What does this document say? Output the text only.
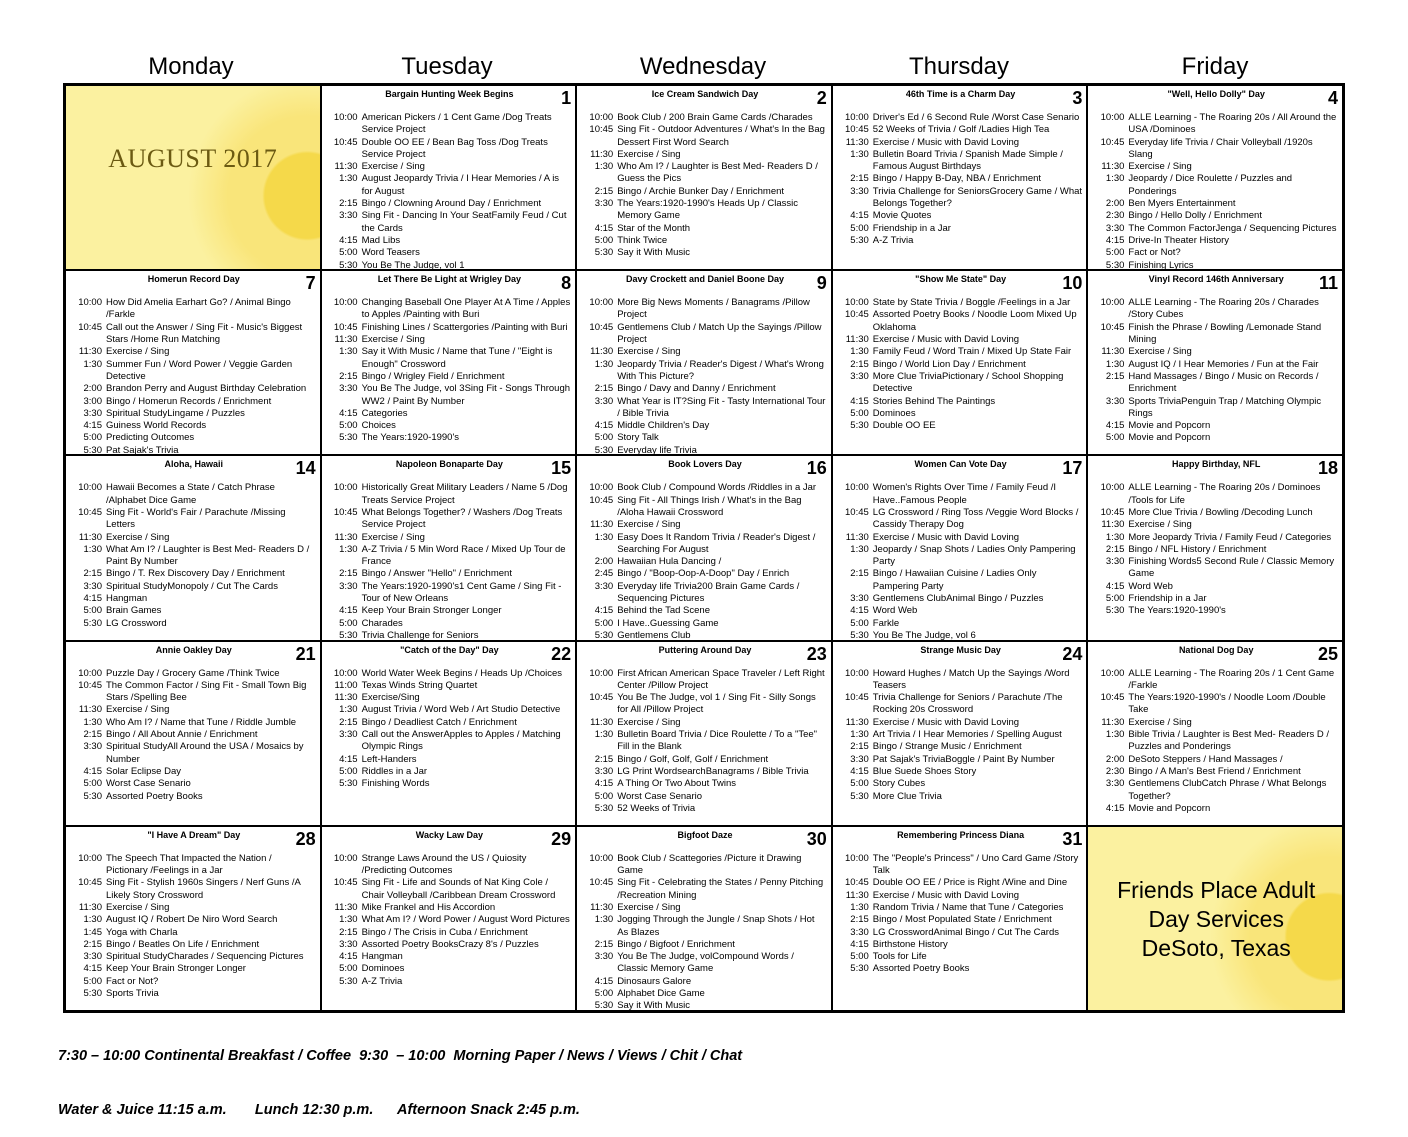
Monday	Tuesday	Wednesday	Thursday	Friday
AUGUST 2017
Bargain Hunting Week Begins	1
10:00 American Pickers / 1 Cent Game /Dog Treats Service Project
10:45 Double OO EE / Bean Bag Toss /Dog Treats Service Project
11:30 Exercise / Sing
1:30 August Jeopardy Trivia / I Hear Memories / A is for August
2:15 Bingo / Clowning Around Day / Enrichment
3:30 Sing Fit - Dancing In Your SeatFamily Feud / Cut the Cards
4:15 Mad Libs
5:00 Word Teasers
5:30 You Be The Judge, vol 1
Ice Cream Sandwich Day	2
10:00 Book Club / 200 Brain Game Cards /Charades
10:45 Sing Fit - Outdoor Adventures / What's In the Bag Dessert First Word Search
11:30 Exercise / Sing
1:30 Who Am I? / Laughter is Best Med- Readers D / Guess the Pics
2:15 Bingo / Archie Bunker Day / Enrichment
3:30 The Years:1920-1990's Heads Up / Classic Memory Game
4:15 Star of the Month
5:00 Think Twice
5:30 Say it With Music
46th Time is a Charm Day	3
10:00 Driver's Ed / 6 Second Rule /Worst Case Senario
10:45 52 Weeks of Trivia / Golf /Ladies High Tea
11:30 Exercise / Music with David Loving
1:30 Bulletin Board Trivia / Spanish Made Simple / Famous August Birthdays
2:15 Bingo / Happy B-Day, NBA / Enrichment
3:30 Trivia Challenge for SeniorsGrocery Game / What Belongs Together?
4:15 Movie Quotes
5:00 Friendship in a Jar
5:30 A-Z Trivia
"Well, Hello Dolly" Day	4
10:00 ALLE Learning - The Roaring 20s / All Around the USA /Dominoes
10:45 Everyday life Trivia / Chair Volleyball /1920s Slang
11:30 Exercise / Sing
1:30 Jeopardy / Dice Roulette / Puzzles and Ponderings
2:00 Ben Myers Entertainment
2:30 Bingo / Hello Dolly / Enrichment
3:30 The Common FactorJenga / Sequencing Pictures
4:15 Drive-In Theater History
5:00 Fact or Not?
5:30 Finishing Lyrics
Homerun Record Day	7
10:00 How Did Amelia Earhart Go? / Animal Bingo /Farkle
10:45 Call out the Answer / Sing Fit - Music's Biggest Stars /Home Run Matching
11:30 Exercise / Sing
1:30 Summer Fun / Word Power / Veggie Garden Detective
2:00 Brandon Perry and August Birthday Celebration
3:00 Bingo / Homerun Records / Enrichment
3:30 Spiritual StudyLingame / Puzzles
4:15 Guiness World Records
5:00 Predicting Outcomes
5:30 Pat Sajak's Trivia
Let There Be Light at Wrigley Day	8
10:00 Changing Baseball One Player At A Time / Apples to Apples /Painting with Buri
10:45 Finishing Lines / Scattergories /Painting with Buri
11:30 Exercise / Sing
1:30 Say it With Music / Name that Tune / "Eight is Enough" Crossword
2:15 Bingo / Wrigley Field / Enrichment
3:30 You Be The Judge, vol 3Sing Fit - Songs Through WW2 / Paint By Number
4:15 Categories
5:00 Choices
5:30 The Years:1920-1990's
Davy Crockett and Daniel Boone Day	9
10:00 More Big News Moments / Banagrams /Pillow Project
10:45 Gentlemens Club / Match Up the Sayings /Pillow Project
11:30 Exercise / Sing
1:30 Jeopardy Trivia / Reader's Digest / What's Wrong With This Picture?
2:15 Bingo / Davy and Danny / Enrichment
3:30 What Year is IT?Sing Fit - Tasty International Tour / Bible Trivia
4:15 Middle Children's Day
5:00 Story Talk
5:30 Everyday life Trivia
"Show Me State" Day	10
10:00 State by State Trivia / Boggle /Feelings in a Jar
10:45 Assorted Poetry Books / Noodle Loom Mixed Up Oklahoma
11:30 Exercise / Music with David Loving
1:30 Family Feud / Word Train / Mixed Up State Fair
2:15 Bingo / World Lion Day / Enrichment
3:30 More Clue TriviaPictionary / School Shopping Detective
4:15 Stories Behind The Paintings
5:00 Dominoes
5:30 Double OO EE
Vinyl Record 146th Anniversary	11
10:00 ALLE Learning - The Roaring 20s / Charades /Story Cubes
10:45 Finish the Phrase / Bowling /Lemonade Stand Mining
11:30 Exercise / Sing
1:30 August IQ / I Hear Memories / Fun at the Fair
2:15 Hand Massages / Bingo / Music on Records / Enrichment
3:30 Sports TriviaPenguin Trap / Matching Olympic Rings
4:15 Movie and Popcorn
5:00 Movie and Popcorn
Aloha, Hawaii	14
10:00 Hawaii Becomes a State / Catch Phrase /Alphabet Dice Game
10:45 Sing Fit - World's Fair / Parachute /Missing Letters
11:30 Exercise / Sing
1:30 What Am I? / Laughter is Best Med- Readers D / Paint By Number
2:15 Bingo / T. Rex Discovery Day / Enrichment
3:30 Spiritual StudyMonopoly / Cut The Cards
4:15 Hangman
5:00 Brain Games
5:30 LG Crossword
Napoleon Bonaparte Day	15
10:00 Historically Great Military Leaders / Name 5 /Dog Treats Service Project
10:45 What Belongs Together? / Washers /Dog Treats Service Project
11:30 Exercise / Sing
1:30 A-Z Trivia / 5 Min Word Race / Mixed Up Tour de France
2:15 Bingo / Answer "Hello" / Enrichment
3:30 The Years:1920-1990's1 Cent Game / Sing Fit - Tour of New Orleans
4:15 Keep Your Brain Stronger Longer
5:00 Charades
5:30 Trivia Challenge for Seniors
Book Lovers Day	16
10:00 Book Club / Compound Words /Riddles in a Jar
10:45 Sing Fit - All Things Irish / What's in the Bag /Aloha Hawaii Crossword
11:30 Exercise / Sing
1:30 Easy Does It Random Trivia / Reader's Digest / Searching For August
2:00 Hawaiian Hula Dancing /
2:45 Bingo / "Boop-Oop-A-Doop" Day / Enrich
3:30 Everyday life Trivia200 Brain Game Cards / Sequencing Pictures
4:15 Behind the Tad Scene
5:00 I Have..Guessing Game
5:30 Gentlemens Club
Women Can Vote Day	17
10:00 Women's Rights Over Time / Family Feud /I Have..Famous People
10:45 LG Crossword / Ring Toss /Veggie Word Blocks / Cassidy Therapy Dog
11:30 Exercise / Music with David Loving
1:30 Jeopardy / Snap Shots / Ladies Only Pampering Party
2:15 Bingo / Hawaiian Cuisine / Ladies Only Pampering Party
3:30 Gentlemens ClubAnimal Bingo / Puzzles
4:15 Word Web
5:00 Farkle
5:30 You Be The Judge, vol 6
Happy Birthday, NFL	18
10:00 ALLE Learning - The Roaring 20s / Dominoes /Tools for Life
10:45 More Clue Trivia / Bowling /Decoding Lunch
11:30 Exercise / Sing
1:30 More Jeopardy Trivia / Family Feud / Categories
2:15 Bingo / NFL History / Enrichment
3:30 Finishing Words5 Second Rule / Classic Memory Game
4:15 Word Web
5:00 Friendship in a Jar
5:30 The Years:1920-1990's
Annie Oakley Day	21
10:00 Puzzle Day / Grocery Game /Think Twice
10:45 The Common Factor / Sing Fit - Small Town Big Stars /Spelling Bee
11:30 Exercise / Sing
1:30 Who Am I? / Name that Tune / Riddle Jumble
2:15 Bingo / All About Annie / Enrichment
3:30 Spiritual StudyAll Around the USA / Mosaics by Number
4:15 Solar Eclipse Day
5:00 Worst Case Senario
5:30 Assorted Poetry Books
"Catch of the Day" Day	22
10:00 World Water Week Begins / Heads Up /Choices
11:00 Texas Winds String Quartet
11:30 Exercise/Sing
1:30 August Trivia / Word Web / Art Studio Detective
2:15 Bingo / Deadliest Catch / Enrichment
3:30 Call out the AnswerApples to Apples / Matching Olympic Rings
4:15 Left-Handers
5:00 Riddles in a Jar
5:30 Finishing Words
Puttering Around Day	23
10:00 First African American Space Traveler / Left Right Center /Pillow Project
10:45 You Be The Judge, vol 1 / Sing Fit - Silly Songs for All /Pillow Project
11:30 Exercise / Sing
1:30 Bulletin Board Trivia / Dice Roulette / To a "Tee" Fill in the Blank
2:15 Bingo / Golf, Golf, Golf / Enrichment
3:30 LG Print WordsearchBanagrams / Bible Trivia
4:15 A Thing Or Two About Twins
5:00 Worst Case Senario
5:30 52 Weeks of Trivia
Strange Music Day	24
10:00 Howard Hughes / Match Up the Sayings /Word Teasers
10:45 Trivia Challenge for Seniors / Parachute /The Rocking 20s Crossword
11:30 Exercise / Music with David Loving
1:30 Art Trivia / I Hear Memories / Spelling August
2:15 Bingo / Strange Music / Enrichment
3:30 Pat Sajak's TriviaBoggle / Paint By Number
4:15 Blue Suede Shoes Story
5:00 Story Cubes
5:30 More Clue Trivia
National Dog Day	25
10:00 ALLE Learning - The Roaring 20s / 1 Cent Game /Farkle
10:45 The Years:1920-1990's / Noodle Loom /Double Take
11:30 Exercise / Sing
1:30 Bible Trivia / Laughter is Best Med- Readers D / Puzzles and Ponderings
2:00 DeSoto Steppers / Hand Massages /
2:30 Bingo / A Man's Best Friend / Enrichment
3:30 Gentlemens ClubCatch Phrase / What Belongs Together?
4:15 Movie and Popcorn
"I Have A Dream" Day	28
10:00 The Speech That Impacted the Nation / Pictionary /Feelings in a Jar
10:45 Sing Fit - Stylish 1960s Singers / Nerf Guns /A Likely Story Crossword
11:30 Exercise / Sing
1:30 August IQ / Robert De Niro Word Search
1:45 Yoga with Charla
2:15 Bingo / Beatles On Life / Enrichment
3:30 Spiritual StudyCharades / Sequencing Pictures
4:15 Keep Your Brain Stronger Longer
5:00 Fact or Not?
5:30 Sports Trivia
Wacky Law Day	29
10:00 Strange Laws Around the US / Quiosity /Predicting Outcomes
10:45 Sing Fit - Life and Sounds of Nat King Cole / Chair Volleyball /Caribbean Dream Crossword
11:30 Mike Frankel and His Accordion
1:30 What Am I? / Word Power / August Word Pictures
2:15 Bingo / The Crisis in Cuba / Enrichment
3:30 Assorted Poetry BooksCrazy 8's / Puzzles
4:15 Hangman
5:00 Dominoes
5:30 A-Z Trivia
Bigfoot Daze	30
10:00 Book Club / Scattegories /Picture it Drawing Game
10:45 Sing Fit - Celebrating the States / Penny Pitching /Recreation Mining
11:30 Exercise / Sing
1:30 Jogging Through the Jungle / Snap Shots / Hot As Blazes
2:15 Bingo / Bigfoot / Enrichment
3:30 You Be The Judge, volCompound Words / Classic Memory Game
4:15 Dinosaurs Galore
5:00 Alphabet Dice Game
5:30 Say it With Music
Remembering Princess Diana	31
10:00 The "People's Princess" / Uno Card Game /Story Talk
10:45 Double OO EE / Price is Right /Wine and Dine
11:30 Exercise / Music with David Loving
1:30 Random Trivia / Name that Tune / Categories
2:15 Bingo / Most Populated State / Enrichment
3:30 LG CrosswordAnimal Bingo / Cut The Cards
4:15 Birthstone History
5:00 Tools for Life
5:30 Assorted Poetry Books
Friends Place Adult
Day Services
DeSoto, Texas

7:30 – 10:00 Continental Breakfast / Coffee  9:30  – 10:00  Morning Paper / News / Views / Chit / Chat

Water & Juice 11:15 a.m.       Lunch 12:30 p.m.      Afternoon Snack 2:45 p.m.
